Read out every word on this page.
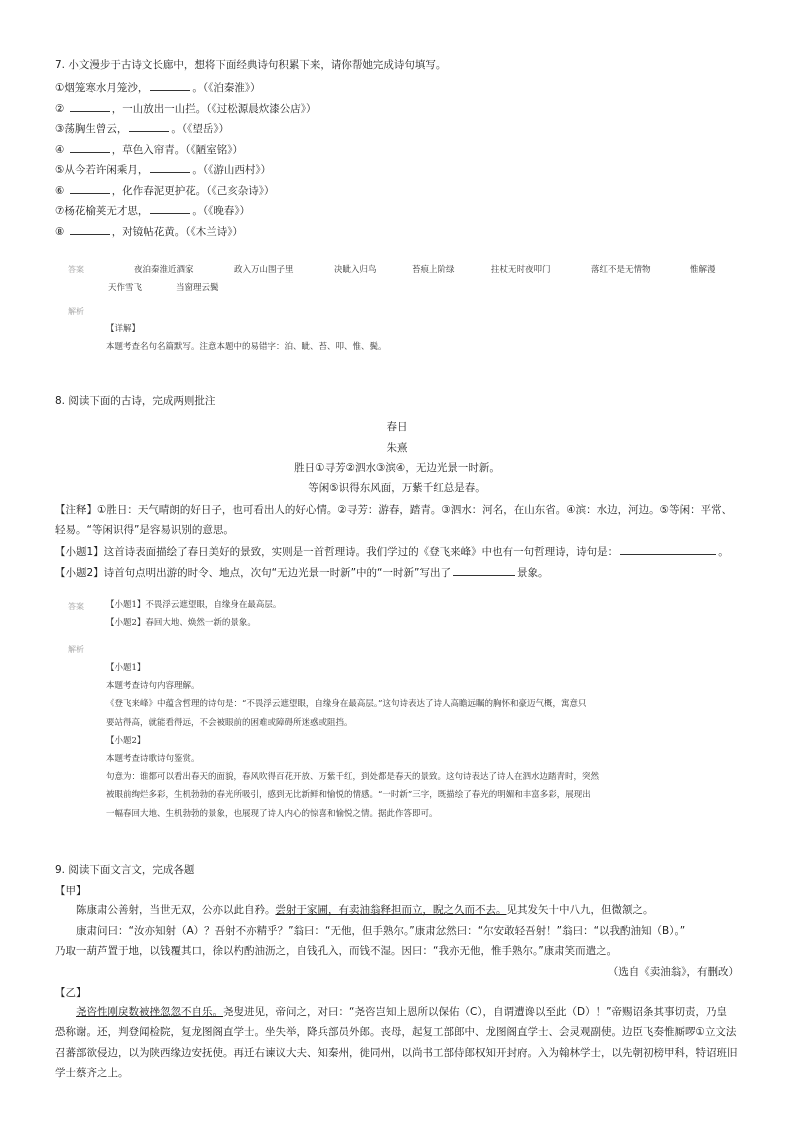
7. 小文漫步于古诗文长廊中，想将下面经典诗句积累下来，请你帮她完成诗句填写。
①烟笼寒水月笼沙，	。（《泊秦淮》）
②	，一山放出一山拦。（《过松源晨炊漆公店》）
③荡胸生曾云，	。（《望岳》）
④	，草色入帘青。（《陋室铭》）
⑤从今若许闲乘月，	。（《游山西村》）
⑥	，化作春泥更护花。（《己亥杂诗》）
⑦杨花榆荚无才思，	。（《晚春》）
⑧	，对镜帖花黄。（《木兰诗》）
答案	夜泊秦淮近酒家	政入万山围子里	决眦入归鸟	苔痕上阶绿	拄杖无时夜叩门	落红不是无情物	惟解漫
天作雪飞	当窗理云鬓
解析
【详解】
本题考查名句名篇默写。注意本题中的易错字：泊、眦、苔、叩、惟、鬓。
8. 阅读下面的古诗，完成两则批注
春日
朱熹
胜日①寻芳②泗水③滨④，无边光景一时新。
等闲⑤识得东风面，万紫千红总是春。
【注释】①胜日：天气晴朗的好日子，也可看出人的好心情。②寻芳：游春，踏青。③泗水：河名，在山东省。④滨：水边，河边。⑤等闲：平常、
轻易。“等闲识得”是容易识别的意思。
【小题1】这首诗表面描绘了春日美好的景致，实则是一首哲理诗。我们学过的《登飞来峰》中也有一句哲理诗，诗句是：	。
【小题2】诗首句点明出游的时令、地点，次句“无边光景一时新”中的“一时新”写出了	景象。
答案	【小题1】不畏浮云遮望眼，自缘身在最高层。
【小题2】春回大地、焕然一新的景象。
解析
【小题1】
本题考查诗句内容理解。
《登飞来峰》中蕴含哲理的诗句是：“不畏浮云遮望眼，自缘身在最高层。”这句诗表达了诗人高瞻远瞩的胸怀和豪迈气概，寓意只
要站得高，就能看得远，不会被眼前的困难或障碍所迷惑或阻挡。
【小题2】
本题考查诗歌诗句鉴赏。
句意为：谁都可以看出春天的面貌，春风吹得百花开放、万紫千红，到处都是春天的景致。这句诗表达了诗人在泗水边踏青时，突然
被眼前绚烂多彩，生机勃勃的春光所吸引，感到无比新鲜和愉悦的情感。“一时新”三字，既描绘了春光的明媚和丰富多彩，展现出
一幅春回大地、生机勃勃的景象，也展现了诗人内心的惊喜和愉悦之情。据此作答即可。
9. 阅读下面文言文，完成各题
【甲】
陈康肃公善射，当世无双，公亦以此自矜。尝射于家圃，有卖油翁释担而立，睨之久而不去。见其发矢十中八九，但微颔之。
康肃问曰：“汝亦知射（A）？吾射不亦精乎？”翁曰：“无他，但手熟尔。”康肃忿然曰：“尔安敢轻吾射！”翁曰：“以我酌油知（B）。”
乃取一葫芦置于地，以钱覆其口，徐以杓酌油沥之，自钱孔入，而钱不湿。因曰：“我亦无他，惟手熟尔。”康肃笑而遣之。
（选自《卖油翁》，有删改）
【乙】
尧咨性刚戾数被挫忽忽不自乐。尧叟进见，帝问之，对曰：“尧咨岂知上恩所以保佑（C），自谓遭谗以至此（D）！”帝赐诏条其事切责，乃皇
恐称谢。还，判登闻检院，复龙图阁直学士。坐失举，降兵部员外郎。丧母，起复工部郎中、龙图阁直学士、会灵观副使。边臣飞奏惟厮啰①立文法
召蕃部欲侵边，以为陕西缘边安抚使。再迁右谏议大夫、知秦州，徙同州，以尚书工部侍郎权知开封府。入为翰林学士，以先朝初榜甲科，特诏班旧
学士蔡齐之上。
